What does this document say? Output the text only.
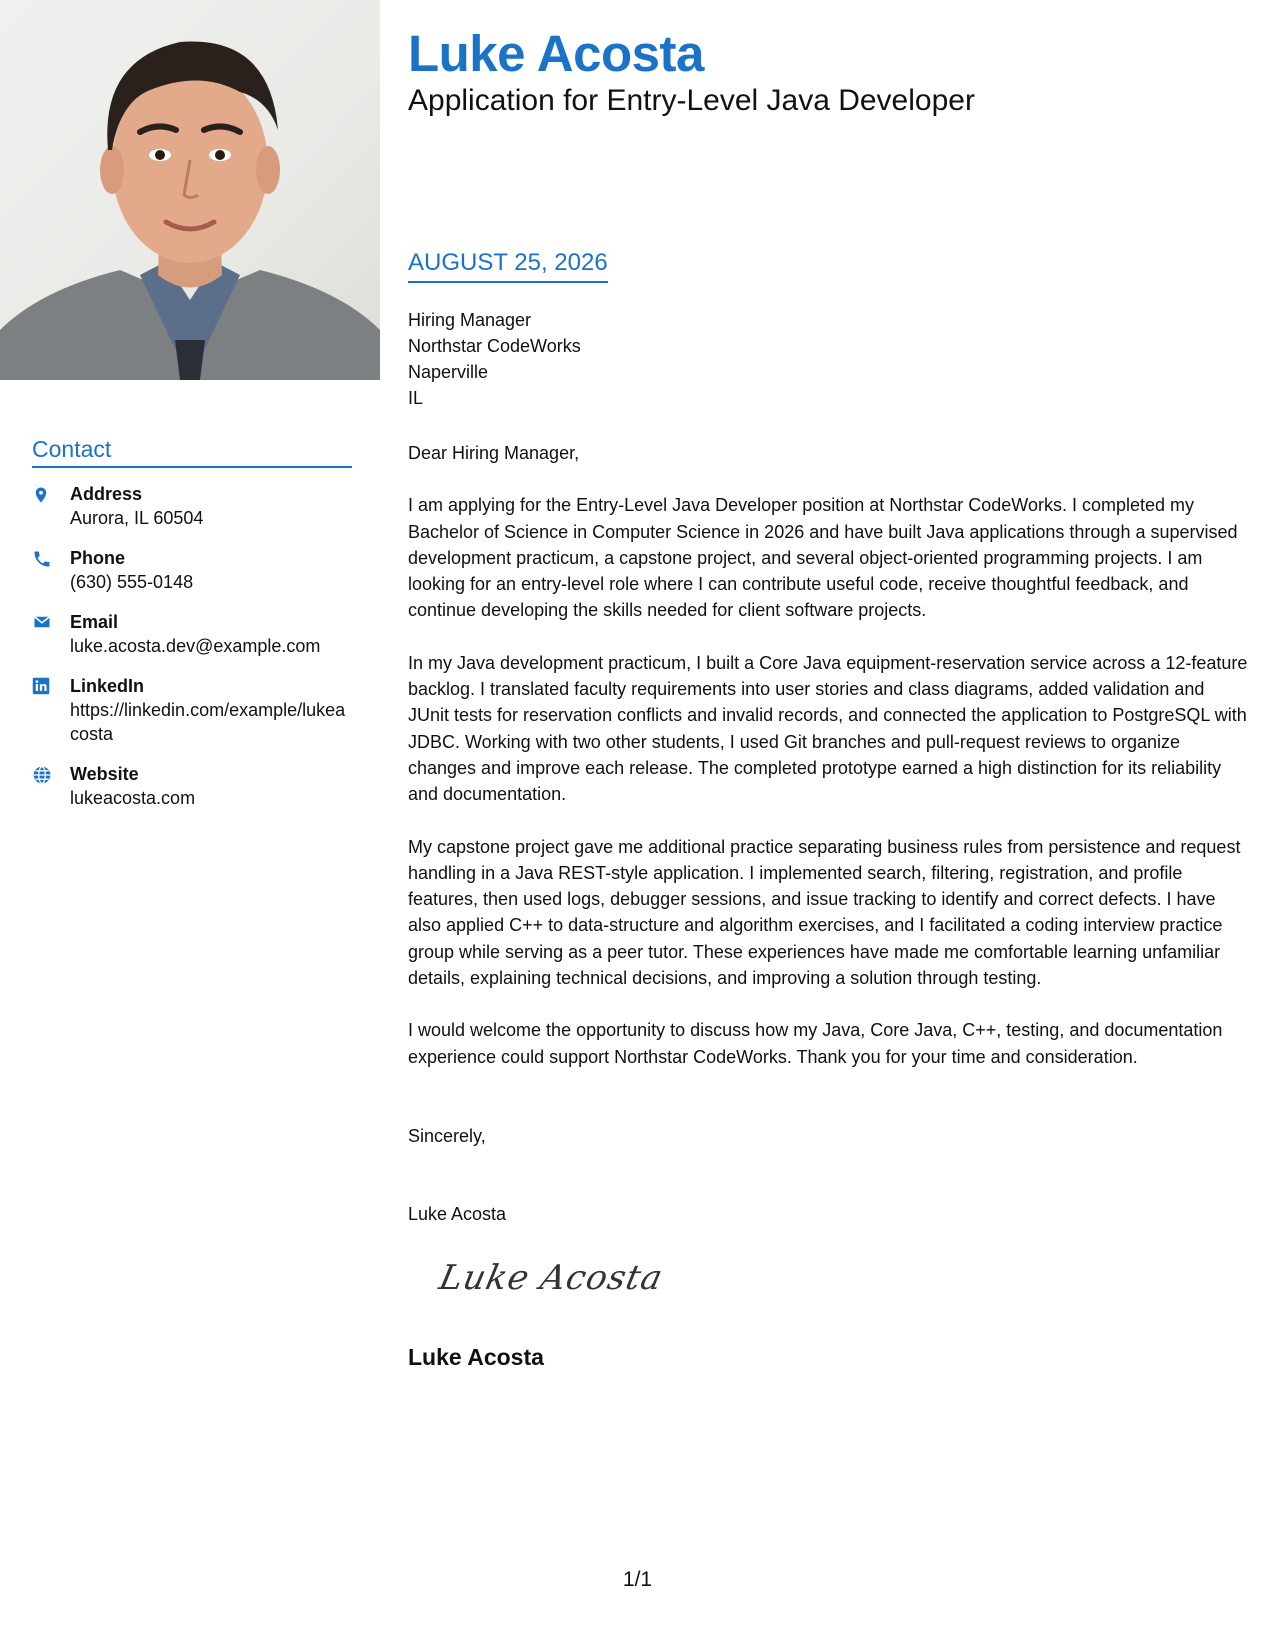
Contact
Address
Aurora, IL 60504
Phone
(630) 555-0148
Email
luke.acosta.dev@example.com
LinkedIn
https://linkedin.com/example/lukeacosta
Website
lukeacosta.com
Luke Acosta
Application for Entry-Level Java Developer
AUGUST 25, 2026
Hiring Manager
Northstar CodeWorks
Naperville
IL

Dear Hiring Manager,

I am applying for the Entry-Level Java Developer position at Northstar CodeWorks. I completed my Bachelor of Science in Computer Science in 2026 and have built Java applications through a supervised development practicum, a capstone project, and several object-oriented programming projects. I am looking for an entry-level role where I can contribute useful code, receive thoughtful feedback, and continue developing the skills needed for client software projects.

In my Java development practicum, I built a Core Java equipment-reservation service across a 12-feature backlog. I translated faculty requirements into user stories and class diagrams, added validation and JUnit tests for reservation conflicts and invalid records, and connected the application to PostgreSQL with JDBC. Working with two other students, I used Git branches and pull-request reviews to organize changes and improve each release. The completed prototype earned a high distinction for its reliability and documentation.

My capstone project gave me additional practice separating business rules from persistence and request handling in a Java REST-style application. I implemented search, filtering, registration, and profile features, then used logs, debugger sessions, and issue tracking to identify and correct defects. I have also applied C++ to data-structure and algorithm exercises, and I facilitated a coding interview practice group while serving as a peer tutor. These experiences have made me comfortable learning unfamiliar details, explaining technical decisions, and improving a solution through testing.

I would welcome the opportunity to discuss how my Java, Core Java, C++, testing, and documentation experience could support Northstar CodeWorks. Thank you for your time and consideration.

Sincerely,
Luke Acosta
Luke Acosta
Luke Acosta
1/1
